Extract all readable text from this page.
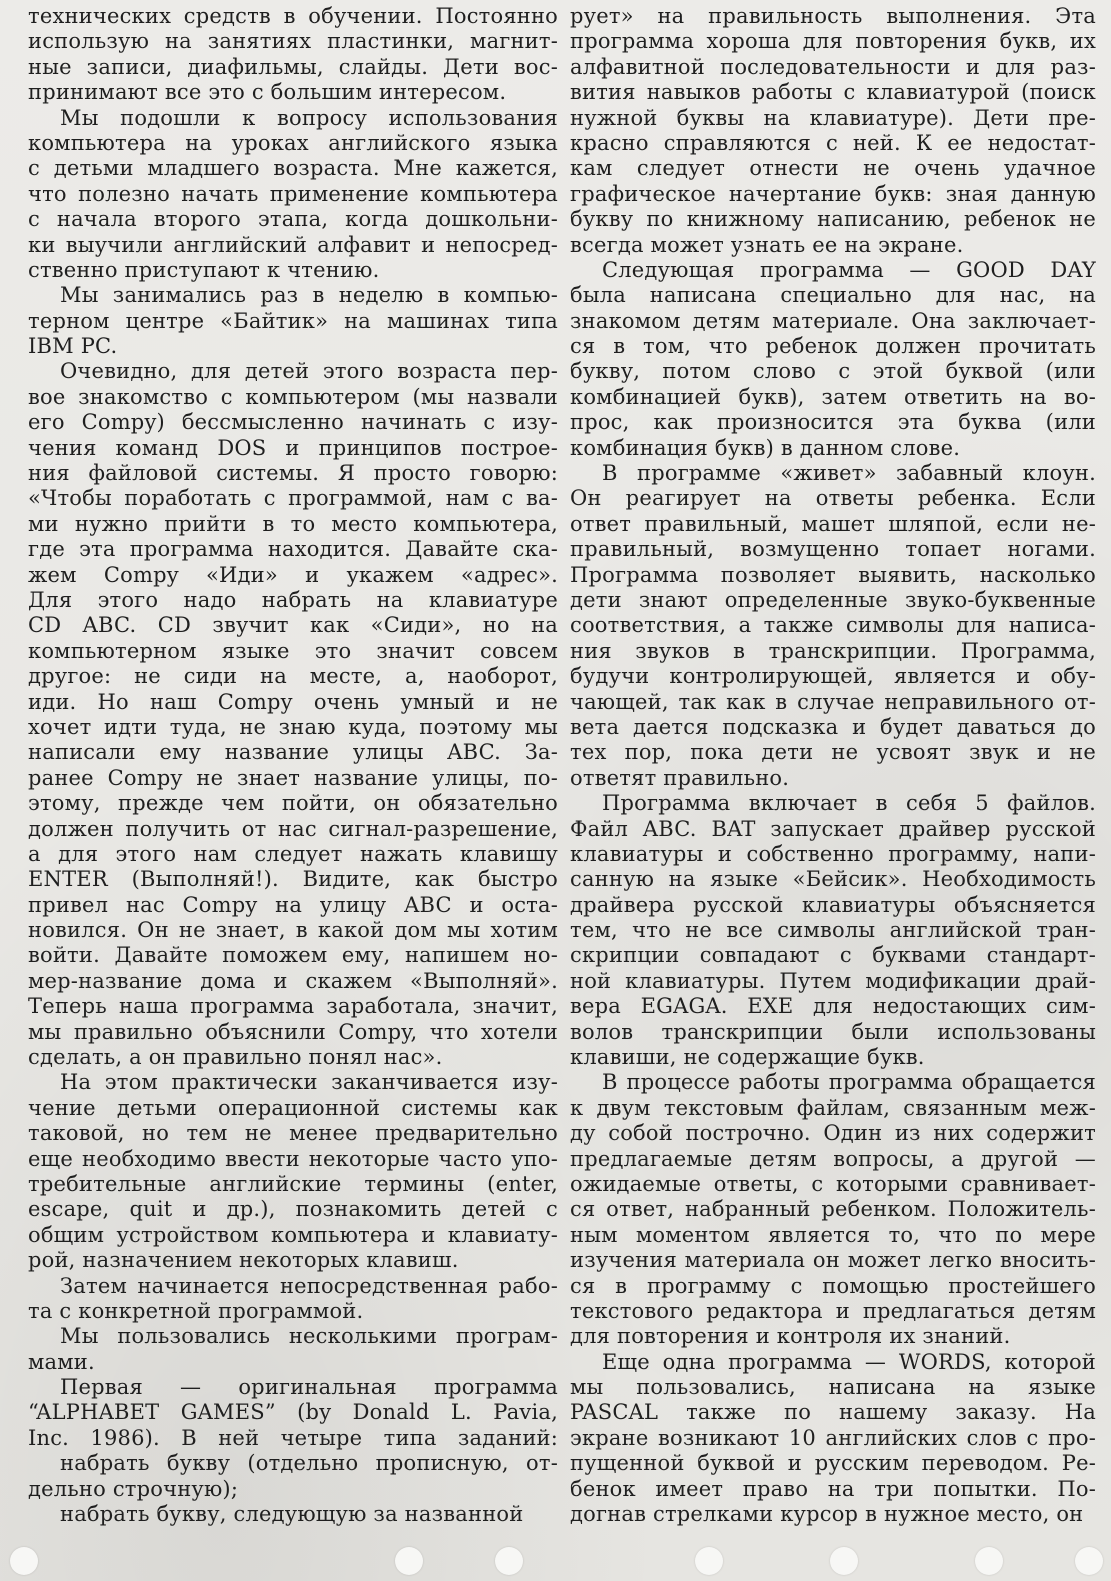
технических средств в обучении. Постоянно
использую на занятиях пластинки, магнит-
ные записи, диафильмы, слайды. Дети вос-
принимают все это с большим интересом.
Мы подошли к вопросу использования
компьютера на уроках английского языка
с детьми младшего возраста. Мне кажется,
что полезно начать применение компьютера
с начала второго этапа, когда дошкольни-
ки выучили английский алфавит и непосред-
ственно приступают к чтению.
Мы занимались раз в неделю в компью-
терном центре «Байтик» на машинах типа
IBM PC.
Очевидно, для детей этого возраста пер-
вое знакомство с компьютером (мы назвали
его Compy) бессмысленно начинать с изу-
чения команд DOS и принципов построе-
ния файловой системы. Я просто говорю:
«Чтобы поработать с программой, нам с ва-
ми нужно прийти в то место компьютера,
где эта программа находится. Давайте ска-
жем Compy «Иди» и укажем «адрес».
Для этого надо набрать на клавиатуре
CD ABC. CD звучит как «Сиди», но на
компьютерном языке это значит совсем
другое: не сиди на месте, а, наоборот,
иди. Но наш Compy очень умный и не
хочет идти туда, не знаю куда, поэтому мы
написали ему название улицы ABC. За-
ранее Compy не знает название улицы, по-
этому, прежде чем пойти, он обязательно
должен получить от нас сигнал-разрешение,
а для этого нам следует нажать клавишу
ENTER (Выполняй!). Видите, как быстро
привел нас Compy на улицу ABC и оста-
новился. Он не знает, в какой дом мы хотим
войти. Давайте поможем ему, напишем но-
мер-название дома и скажем «Выполняй».
Теперь наша программа заработала, значит,
мы правильно объяснили Compy, что хотели
сделать, а он правильно понял нас».
На этом практически заканчивается изу-
чение детьми операционной системы как
таковой, но тем не менее предварительно
еще необходимо ввести некоторые часто упо-
требительные английские термины (enter,
escape, quit и др.), познакомить детей с
общим устройством компьютера и клавиату-
рой, назначением некоторых клавиш.
Затем начинается непосредственная рабо-
та с конкретной программой.
Мы пользовались несколькими програм-
мами.
Первая — оригинальная программа
“ALPHABET GAMES” (by Donald L. Pavia,
Inc. 1986). В ней четыре типа заданий:
набрать букву (отдельно прописную, от-
дельно строчную);
набрать букву, следующую за названной
рует» на правильность выполнения. Эта
программа хороша для повторения букв, их
алфавитной последовательности и для раз-
вития навыков работы с клавиатурой (поиск
нужной буквы на клавиатуре). Дети пре-
красно справляются с ней. К ее недостат-
кам следует отнести не очень удачное
графическое начертание букв: зная данную
букву по книжному написанию, ребенок не
всегда может узнать ее на экране.
Следующая программа — GOOD DAY
была написана специально для нас, на
знакомом детям материале. Она заключает-
ся в том, что ребенок должен прочитать
букву, потом слово с этой буквой (или
комбинацией букв), затем ответить на во-
прос, как произносится эта буква (или
комбинация букв) в данном слове.
В программе «живет» забавный клоун.
Он реагирует на ответы ребенка. Если
ответ правильный, машет шляпой, если не-
правильный, возмущенно топает ногами.
Программа позволяет выявить, насколько
дети знают определенные звуко-буквенные
соответствия, а также символы для написа-
ния звуков в транскрипции. Программа,
будучи контролирующей, является и обу-
чающей, так как в случае неправильного от-
вета дается подсказка и будет даваться до
тех пор, пока дети не усвоят звук и не
ответят правильно.
Программа включает в себя 5 файлов.
Файл ABC. BAT запускает драйвер русской
клавиатуры и собственно программу, напи-
санную на языке «Бейсик». Необходимость
драйвера русской клавиатуры объясняется
тем, что не все символы английской тран-
скрипции совпадают с буквами стандарт-
ной клавиатуры. Путем модификации драй-
вера EGAGA. EXE для недостающих сим-
волов транскрипции были использованы
клавиши, не содержащие букв.
В процессе работы программа обращается
к двум текстовым файлам, связанным меж-
ду собой построчно. Один из них содержит
предлагаемые детям вопросы, а другой —
ожидаемые ответы, с которыми сравнивает-
ся ответ, набранный ребенком. Положитель-
ным моментом является то, что по мере
изучения материала он может легко вносить-
ся в программу с помощью простейшего
текстового редактора и предлагаться детям
для повторения и контроля их знаний.
Еще одна программа — WORDS, которой
мы пользовались, написана на языке
PASCAL также по нашему заказу. На
экране возникают 10 английских слов с про-
пущенной буквой и русским переводом. Ре-
бенок имеет право на три попытки. По-
догнав стрелками курсор в нужное место, он
